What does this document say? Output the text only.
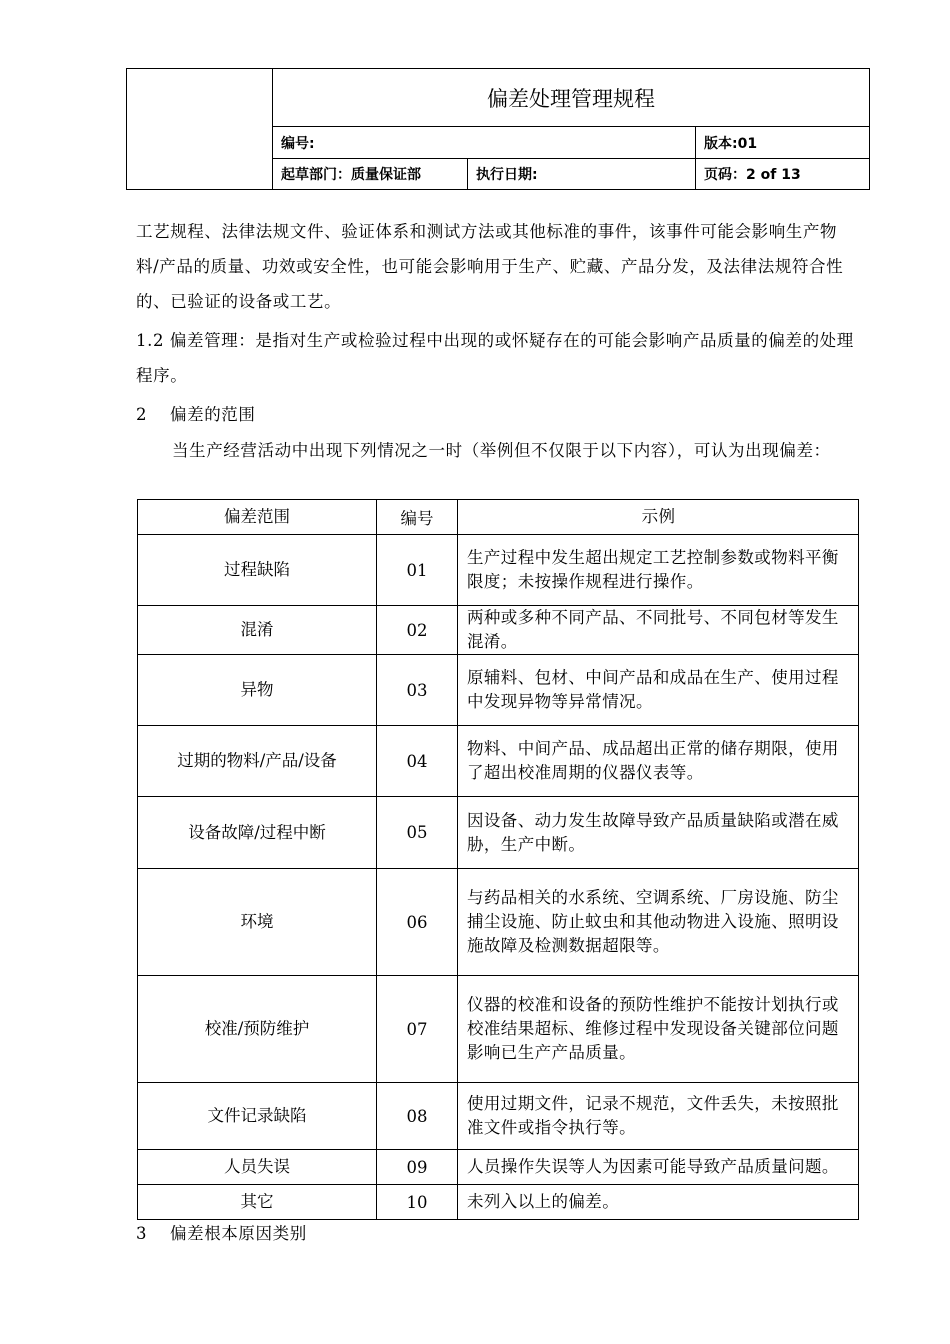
偏差处理管理规程
编号:	版本:01
起草部门：质量保证部	执行日期:	页码：2 of 13
工艺规程、法律法规文件、验证体系和测试方法或其他标准的事件，该事件可能会影响生产物料/产品的质量、功效或安全性，也可能会影响用于生产、贮藏、产品分发，及法律法规符合性的、已验证的设备或工艺。
1.2 偏差管理：是指对生产或检验过程中出现的或怀疑存在的可能会影响产品质量的偏差的处理程序。
2 偏差的范围
当生产经营活动中出现下列情况之一时（举例但不仅限于以下内容），可认为出现偏差：
偏差范围	编号	示例
过程缺陷	01	生产过程中发生超出规定工艺控制参数或物料平衡限度；未按操作规程进行操作。
混淆	02	两种或多种不同产品、不同批号、不同包材等发生混淆。
异物	03	原辅料、包材、中间产品和成品在生产、使用过程中发现异物等异常情况。
过期的物料/产品/设备	04	物料、中间产品、成品超出正常的储存期限，使用了超出校准周期的仪器仪表等。
设备故障/过程中断	05	因设备、动力发生故障导致产品质量缺陷或潜在威胁，生产中断。
环境	06	与药品相关的水系统、空调系统、厂房设施、防尘捕尘设施、防止蚊虫和其他动物进入设施、照明设施故障及检测数据超限等。
校准/预防维护	07	仪器的校准和设备的预防性维护不能按计划执行或校准结果超标、维修过程中发现设备关键部位问题影响已生产产品质量。
文件记录缺陷	08	使用过期文件，记录不规范，文件丢失，未按照批准文件或指令执行等。
人员失误	09	人员操作失误等人为因素可能导致产品质量问题。
其它	10	未列入以上的偏差。
3 偏差根本原因类别
